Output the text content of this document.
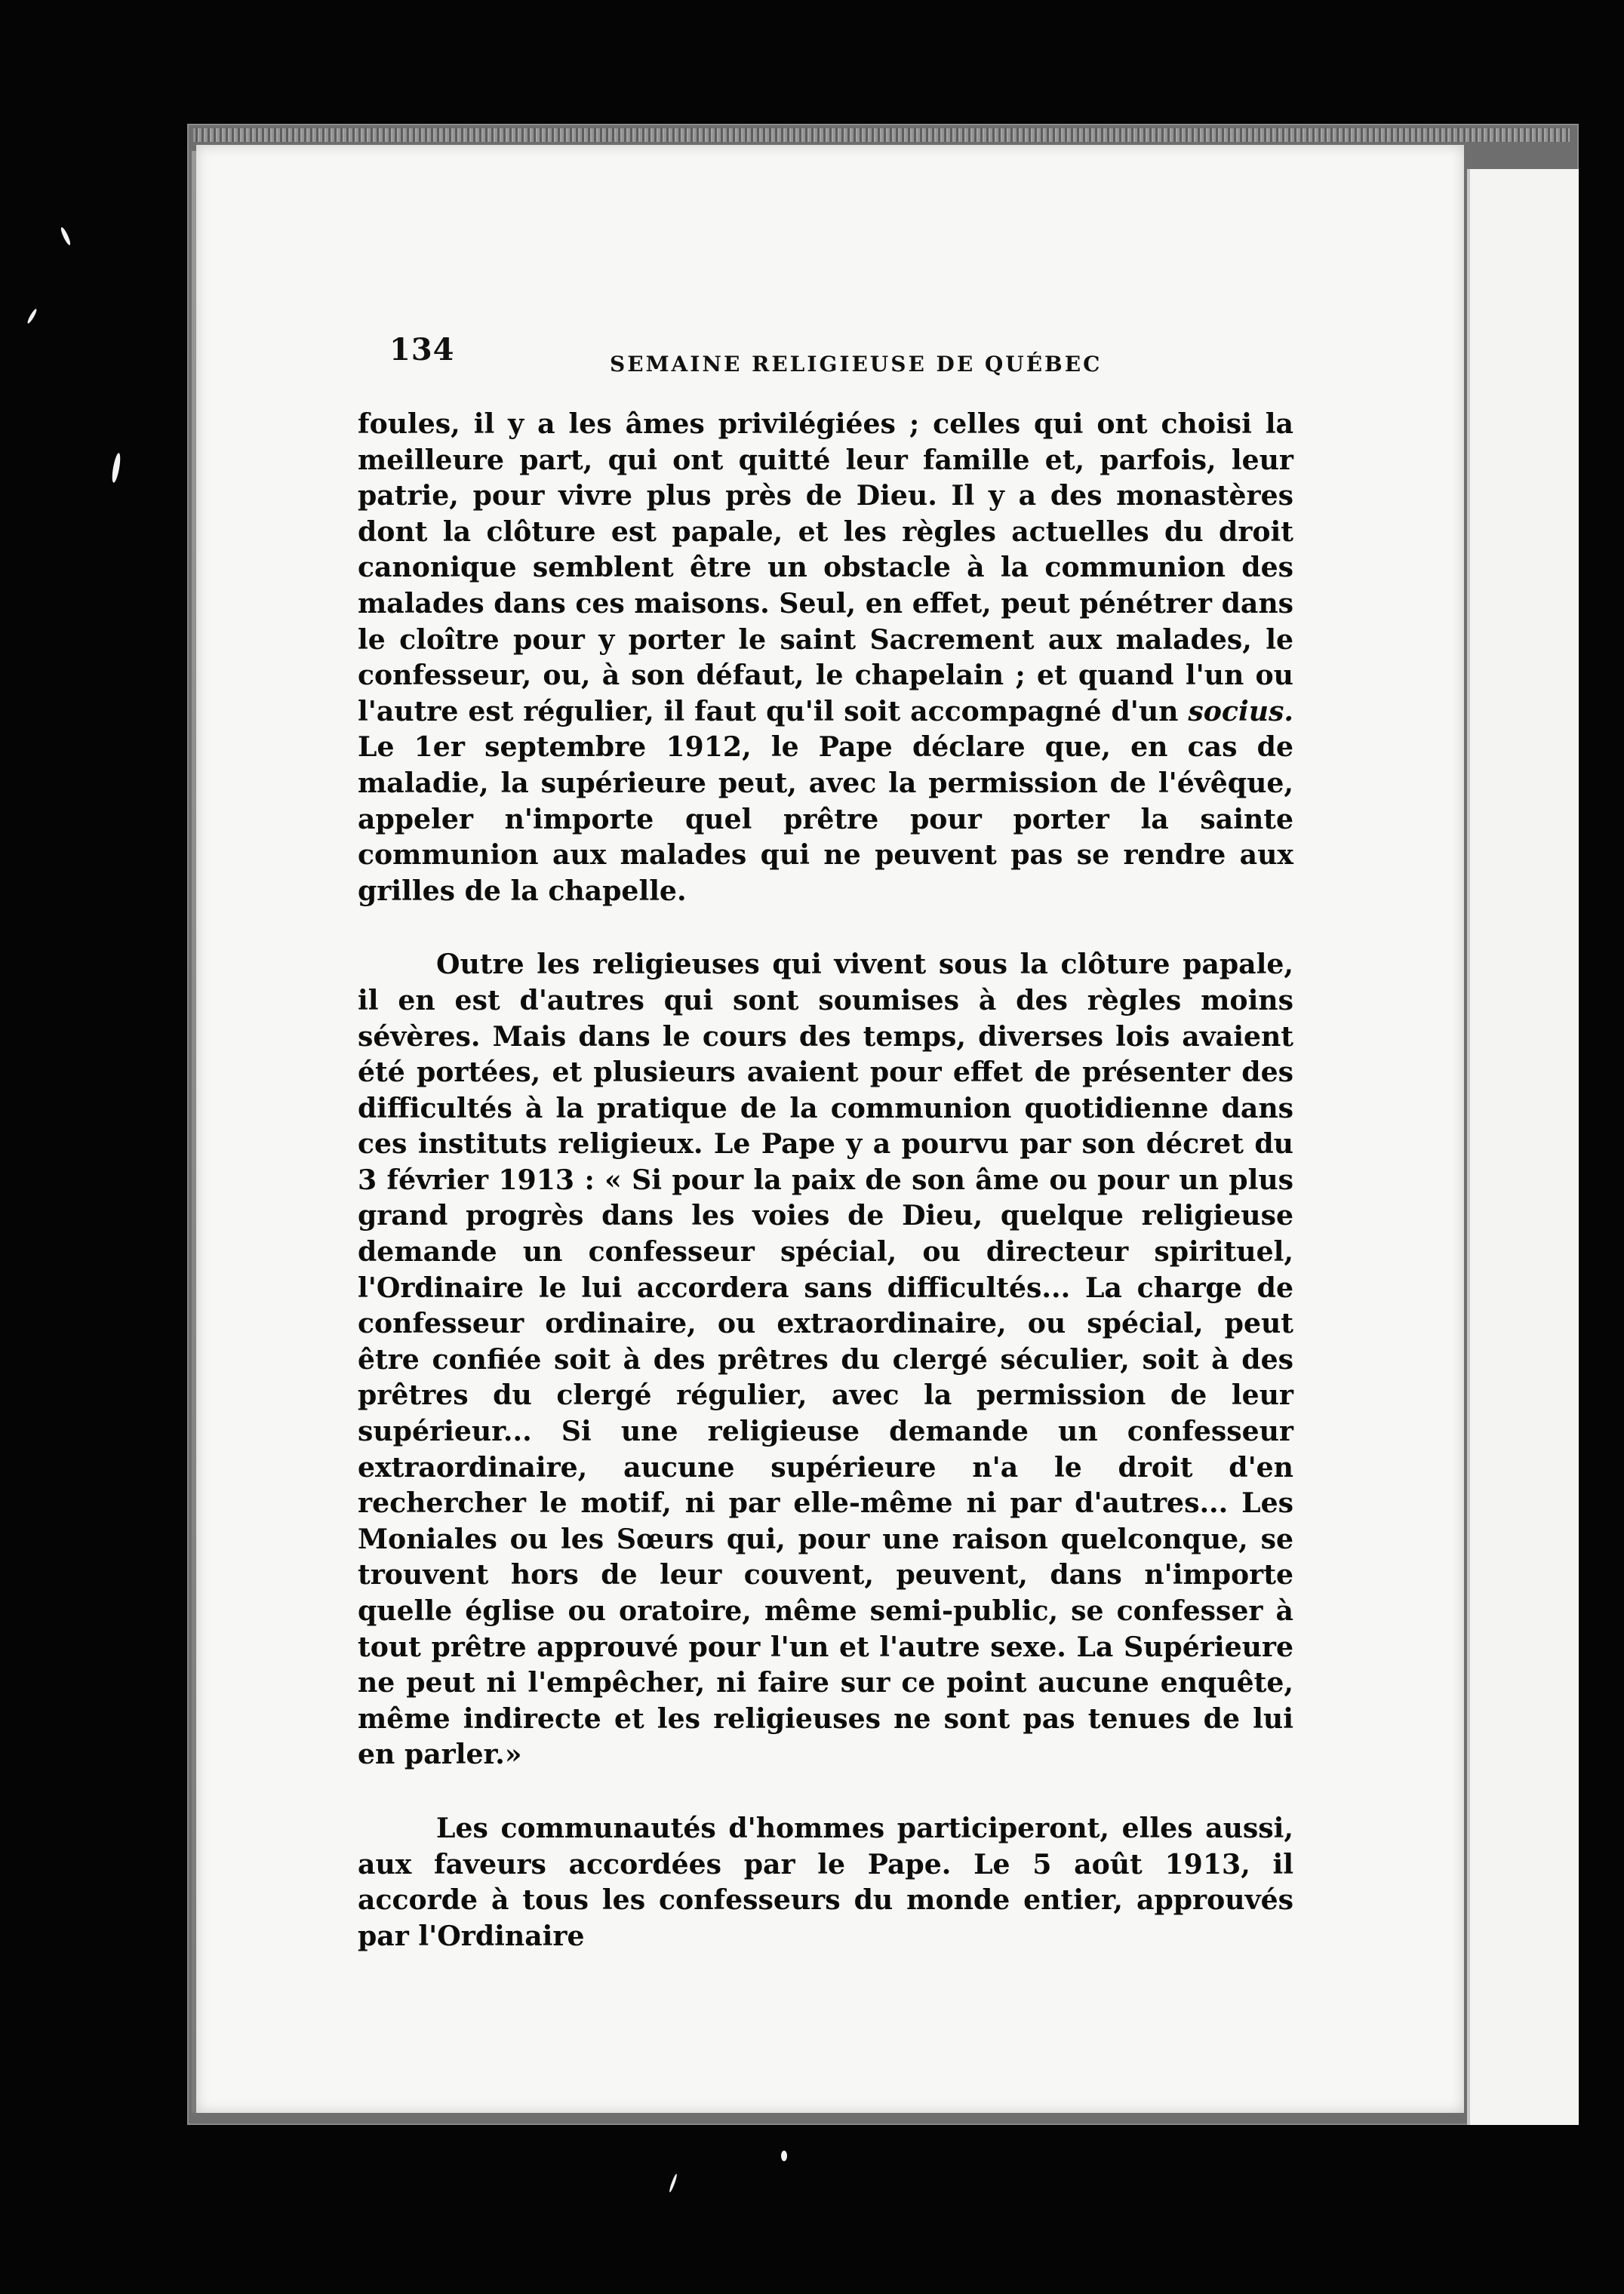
134	SEMAINE RELIGIEUSE DE QUÉBEC

foules, il y a les âmes privilégiées ; celles qui ont choisi la meilleure part, qui ont quitté leur famille et, parfois, leur patrie, pour vivre plus près de Dieu. Il y a des monastères dont la clôture est papale, et les règles actuelles du droit canonique semblent être un obstacle à la communion des malades dans ces maisons. Seul, en effet, peut pénétrer dans le cloître pour y porter le saint Sacrement aux malades, le confesseur, ou, à son défaut, le chapelain ; et quand l'un ou l'autre est régulier, il faut qu'il soit accompagné d'un socius. Le 1er septembre 1912, le Pape déclare que, en cas de maladie, la supérieure peut, avec la permission de l'évêque, appeler n'importe quel prêtre pour porter la sainte communion aux malades qui ne peuvent pas se rendre aux grilles de la chapelle.

Outre les religieuses qui vivent sous la clôture papale, il en est d'autres qui sont soumises à des règles moins sévères. Mais dans le cours des temps, diverses lois avaient été portées, et plusieurs avaient pour effet de présenter des difficultés à la pratique de la communion quotidienne dans ces instituts religieux. Le Pape y a pourvu par son décret du 3 février 1913 : « Si pour la paix de son âme ou pour un plus grand progrès dans les voies de Dieu, quelque religieuse demande un confesseur spécial, ou directeur spirituel, l'Ordinaire le lui accordera sans difficultés... La charge de confesseur ordinaire, ou extraordinaire, ou spécial, peut être confiée soit à des prêtres du clergé séculier, soit à des prêtres du clergé régulier, avec la permission de leur supérieur... Si une religieuse demande un confesseur extraordinaire, aucune supérieure n'a le droit d'en rechercher le motif, ni par elle-même ni par d'autres... Les Moniales ou les Sœurs qui, pour une raison quelconque, se trouvent hors de leur couvent, peuvent, dans n'importe quelle église ou oratoire, même semi-public, se confesser à tout prêtre approuvé pour l'un et l'autre sexe. La Supérieure ne peut ni l'empêcher, ni faire sur ce point aucune enquête, même indirecte et les religieuses ne sont pas tenues de lui en parler.»

Les communautés d'hommes participeront, elles aussi, aux faveurs accordées par le Pape. Le 5 août 1913, il accorde à tous les confesseurs du monde entier, approuvés par l'Ordinaire
